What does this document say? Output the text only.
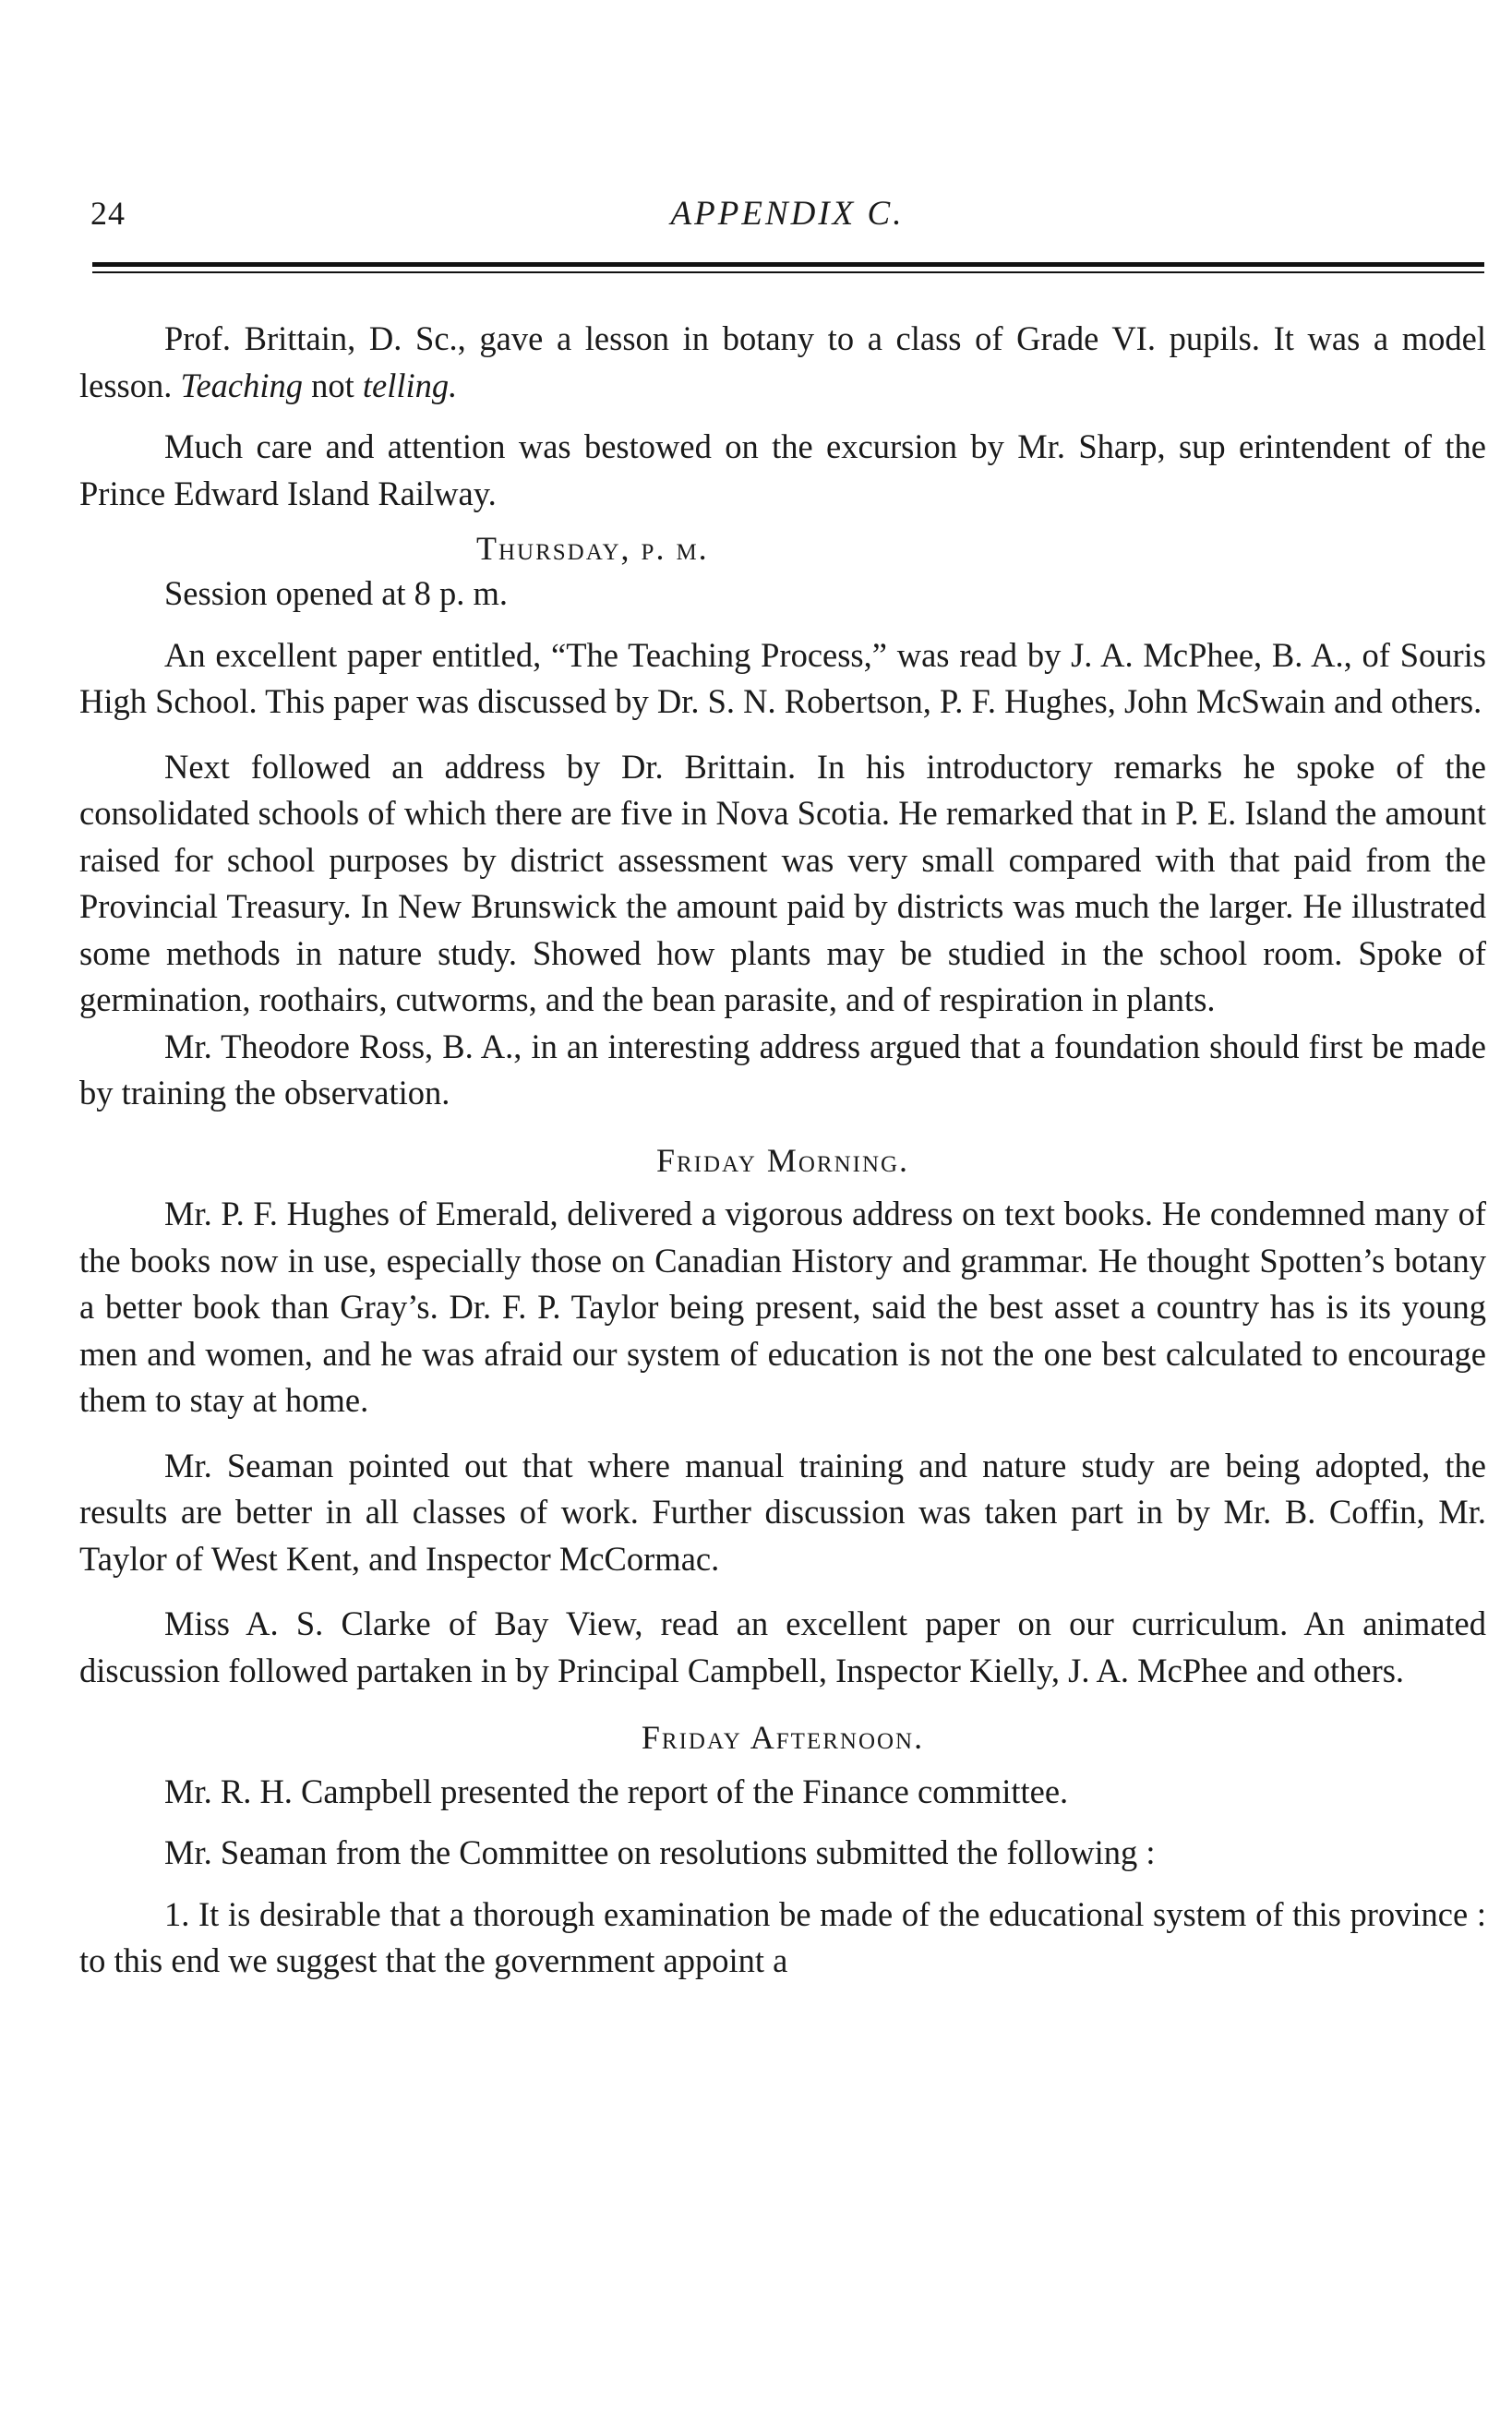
24	APPENDIX C.

Prof. Brittain, D. Sc., gave a lesson in botany to a class of Grade VI. pupils. It was a model lesson. Teaching not telling.

Much care and attention was bestowed on the excursion by Mr. Sharp, sup erintendent of the Prince Edward Island Railway.

Thursday, p. m.

Session opened at 8 p. m.

An excellent paper entitled, “The Teaching Process,” was read by J. A. McPhee, B. A., of Souris High School. This paper was discussed by Dr. S. N. Robertson, P. F. Hughes, John McSwain and others.

Next followed an address by Dr. Brittain. In his introductory remarks he spoke of the consolidated schools of which there are five in Nova Scotia. He remarked that in P. E. Island the amount raised for school purposes by district assessment was very small compared with that paid from the Provincial Treasury. In New Brunswick the amount paid by districts was much the larger. He illustrated some methods in nature study. Showed how plants may be studied in the school room. Spoke of germination, roothairs, cutworms, and the bean parasite, and of respiration in plants.

Mr. Theodore Ross, B. A., in an interesting address argued that a foundation should first be made by training the observation.

Friday Morning.

Mr. P. F. Hughes of Emerald, delivered a vigorous address on text books. He condemned many of the books now in use, especially those on Canadian History and grammar. He thought Spotten’s botany a better book than Gray’s. Dr. F. P. Taylor being present, said the best asset a country has is its young men and women, and he was afraid our system of education is not the one best calculated to encourage them to stay at home.

Mr. Seaman pointed out that where manual training and nature study are being adopted, the results are better in all classes of work. Further discussion was taken part in by Mr. B. Coffin, Mr. Taylor of West Kent, and Inspector McCormac.

Miss A. S. Clarke of Bay View, read an excellent paper on our curriculum. An animated discussion followed partaken in by Principal Campbell, Inspector Kielly, J. A. McPhee and others.

Friday Afternoon.

Mr. R. H. Campbell presented the report of the Finance committee.

Mr. Seaman from the Committee on resolutions submitted the following :

1. It is desirable that a thorough examination be made of the educational system of this province : to this end we suggest that the government appoint a
